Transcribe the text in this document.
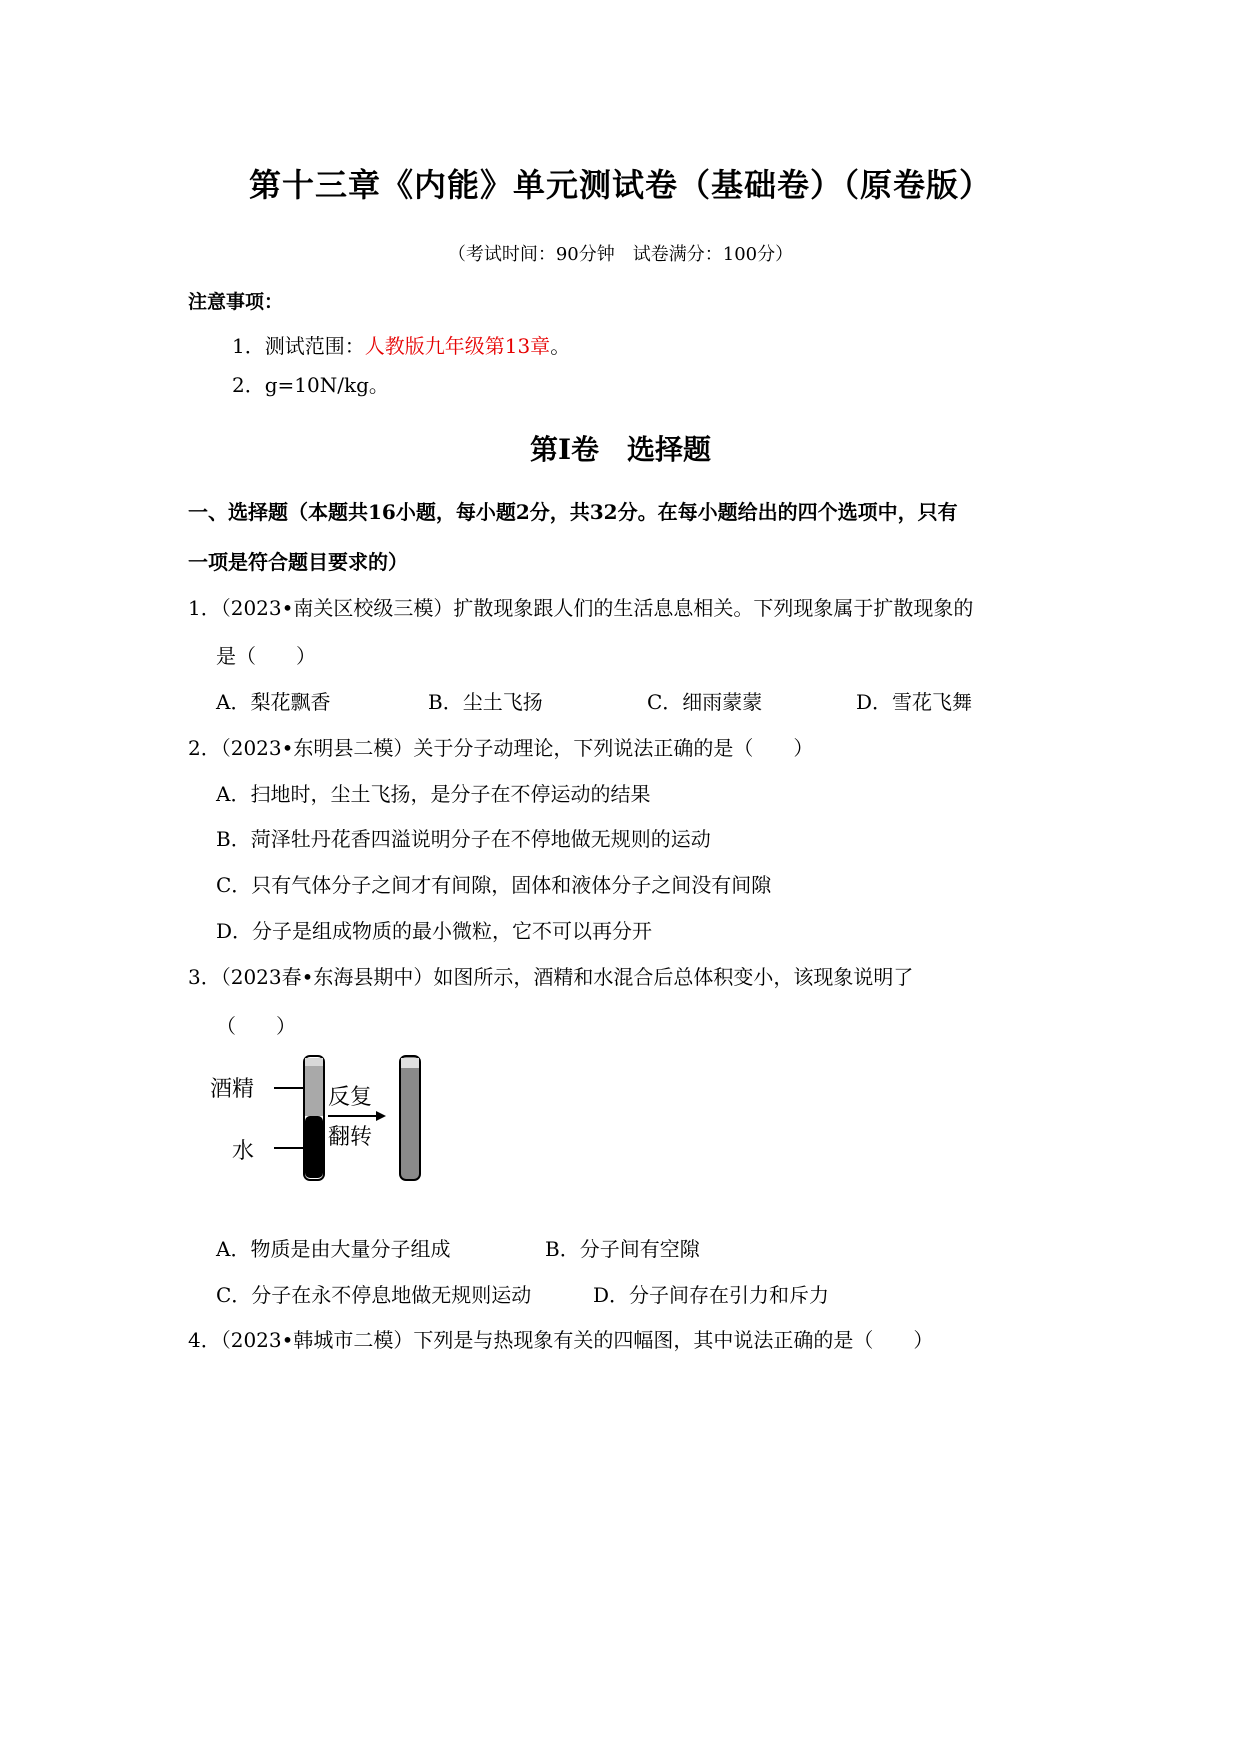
第十三章《内能》单元测试卷（基础卷）（原卷版）
（考试时间：90分钟　试卷满分：100分）
注意事项：
1．测试范围：人教版九年级第13章。
2．g=10N/kg。
第Ⅰ卷　选择题
一、选择题（本题共16小题，每小题2分，共32分。在每小题给出的四个选项中，只有
一项是符合题目要求的）
1．（2023•南关区校级三模）扩散现象跟人们的生活息息相关。下列现象属于扩散现象的
是（　　）
A．梨花飘香	B．尘土飞扬	C．细雨蒙蒙	D．雪花飞舞
2．（2023•东明县二模）关于分子动理论，下列说法正确的是（　　）
A．扫地时，尘土飞扬，是分子在不停运动的结果
B．菏泽牡丹花香四溢说明分子在不停地做无规则的运动
C．只有气体分子之间才有间隙，固体和液体分子之间没有间隙
D．分子是组成物质的最小微粒，它不可以再分开
3．（2023春•东海县期中）如图所示，酒精和水混合后总体积变小，该现象说明了
（　　）
酒精
水
反复
翻转
A．物质是由大量分子组成	B．分子间有空隙
C．分子在永不停息地做无规则运动	D．分子间存在引力和斥力
4．（2023•韩城市二模）下列是与热现象有关的四幅图，其中说法正确的是（　　）
